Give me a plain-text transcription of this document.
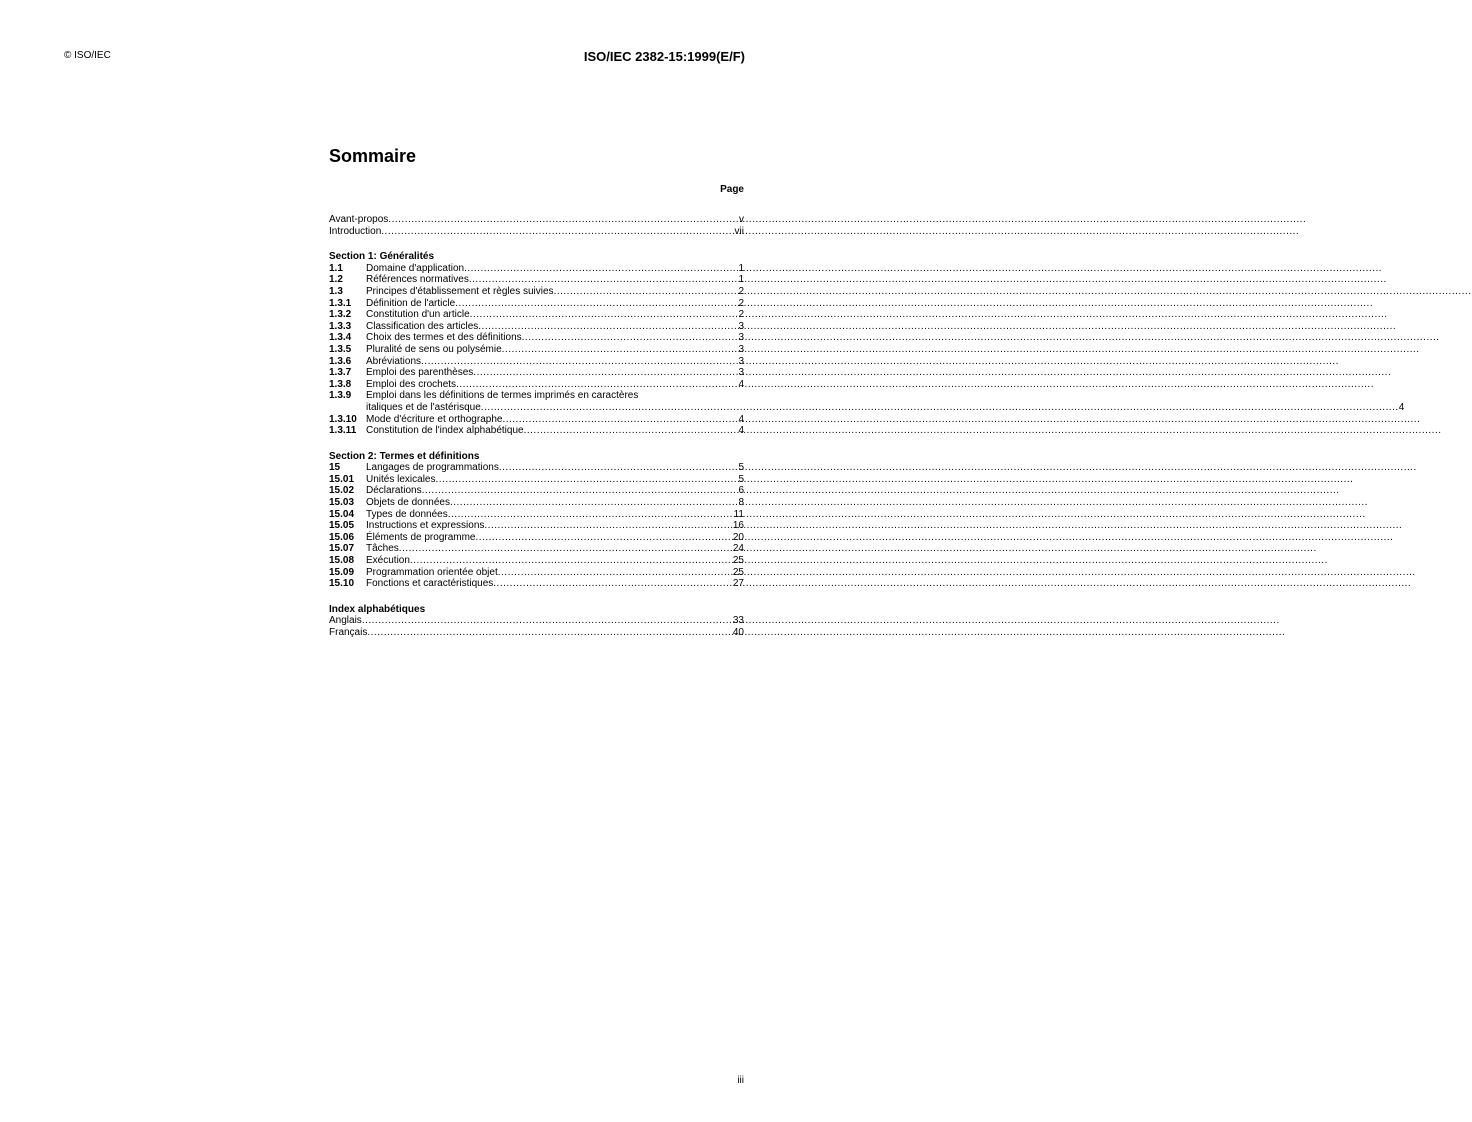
© ISO/IEC	ISO/IEC 2382-15:1999(E/F)
Sommaire
Page
Avant-propos .....	v
Introduction .....	vii
Section 1: Généralités
1.1	Domaine d'application .....	1
1.2	Références normatives .....	1
1.3	Principes d'établissement et règles suivies .....	2
1.3.1	Définition de l'article .....	2
1.3.2	Constitution d'un article .....	2
1.3.3	Classification des articles .....	3
1.3.4	Choix des termes et des définitions .....	3
1.3.5	Pluralité de sens ou polysémie .....	3
1.3.6	Abréviations .....	3
1.3.7	Emploi des parenthèses .....	3
1.3.8	Emploi des crochets .....	4
1.3.9	Emploi dans les définitions de termes imprimés en caractères
italiques et de l'astérisque .....	4
1.3.10 Mode d'écriture et orthographe .....	4
1.3.11 Constitution de l'index alphabétique .....	4
Section 2: Termes et définitions
15	Langages de programmations .....	5
15.01	Unités lexicales .....	5
15.02	Déclarations .....	6
15.03	Objets de données .....	8
15.04	Types de données .....	11
15.05	Instructions et expressions .....	16
15.06	Éléments de programme .....	20
15.07	Tâches .....	24
15.08	Exécution .....	25
15.09	Programmation orientée objet .....	25
15.10	Fonctions et caractéristiques .....	27
Index alphabétiques
Anglais .....	33
Français .....	40
iii
